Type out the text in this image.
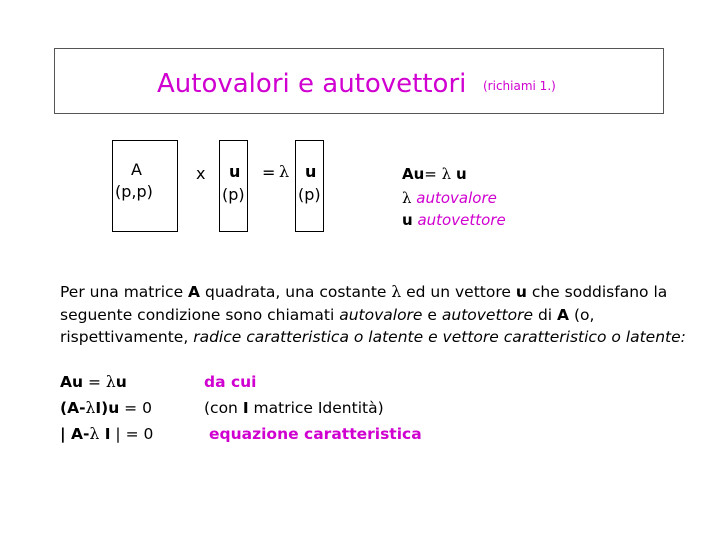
Autovalori e autovettori (richiami 1.)
A
(p,p)
x u
(p)
= λ u
(p)
Au= λ u
λ autovalore
u autovettore

Per una matrice A quadrata, una costante λ ed un vettore u che soddisfano la seguente condizione sono chiamati autovalore e autovettore di A (o, rispettivamente, radice caratteristica o latente e vettore caratteristico o latente:

Au = λu	da cui
(A-λI)u = 0	(con I matrice Identità)
| A-λ I | = 0	equazione caratteristica
